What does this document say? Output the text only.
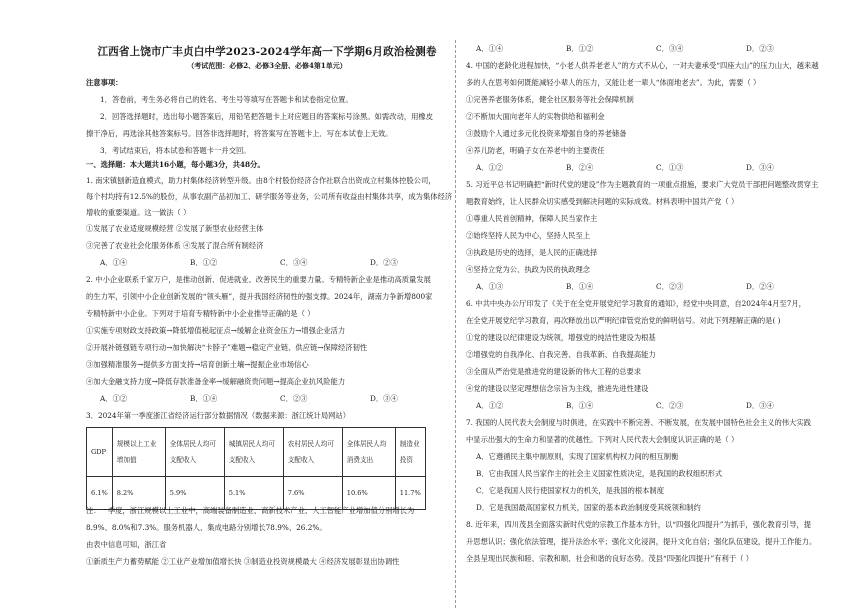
江西省上饶市广丰贞白中学2023-2024学年高一下学期6月政治检测卷
（考试范围：必修2、必修3全册、必修4第1单元）
注意事项：
1．答卷前，考生务必将自己的姓名、考生号等填写在答题卡和试卷指定位置。
2．回答选择题时，选出每小题答案后，用铅笔把答题卡上对应题目的答案标号涂黑。如需改动，用橡皮
擦干净后，再选涂其他答案标号。回答非选择题时，将答案写在答题卡上．写在本试卷上无效。
3．考试结束后，将本试卷和答题卡一并交回。
一、选择题：本大题共16小题，每小题3分，共48分。
1. 南宋镇刨新造血模式，助力村集体经济转型升级。由8个村股份经济合作社联合出资成立村集体控股公司，
每个村均持有12.5%的股份，从事农副产品初加工、研学服务等业务，公司所有收益由村集体共享，成为集体经济
增收的重要渠道。这一做法（ ）
①发展了农业适度规模经营 ②发展了新型农业经营主体
③完善了农业社会化服务体系 ④发展了混合所有制经济
A．①④	B．①②	C．③④	D．②③
2. 中小企业联系千家万户，是推动创新、促进就业、改善民生的重要力量。专精特新企业是推动高质量发展
的生力军，引领中小企业创新发展的“领头雁”，提升我国经济韧性的强支撑。2024年，湖南力争新增800家
专精特新中小企业。下列对于培育专精特新中小企业推导正确的是（ ）
①实施专项财政支持政策→降低增值税起征点→缓解企业资金压力→增强企业活力
②开展补链强链专项行动→加快解决“卡脖子”难题→稳定产业链、供应链→保障经济韧性
③加强精准服务→提供多方面支持→培育创新土壤→提振企业市场信心
④加大金融支持力度→降低存款准备金率→缓解融资贵问题→提高企业抗风险能力
A．①②	B．①④	C．②③	D．③④
3．2024年第一季度浙江省经济运行部分数据情况（数据来源：浙江统计局网站）
GDP	规模以上工业增加值	全体居民人均可支配收入	城镇居民人均可支配收入	农村居民人均可支配收入	全体居民人均消费支出	制造业投资
6.1%	8.2%	5.9%	5.1%	7.6%	10.6%	11.7%
注：一季度，浙江规模以上工业中，高端装备制造业、高新技术产业、人工智能产业增加值分别增长为
8.9%、8.0%和7.3%。服务机器人、集成电路分别增长78.9%、26.2%。
由表中信息可知，浙江省
①新质生产力蓄势赋能 ②工业产业增加值增长快 ③制造业投资规模最大 ④经济发展彰显出协调性
A．①④	B．①②	C．③④	D．②③
4. 中国的老龄化进程加快，“小老人供养老老人”的方式不从心，一对夫妻承受“四座大山”的压力山大，越来越
多的人在思考如何既能减轻小辈人的压力，又能让老一辈人“体面地老去”。为此，需要（ ）
①完善养老服务体系，健全社区服务等社会保障机制
②不断加大面向老年人的实物供给和福利金
③鼓励个人通过多元化投资来增强自身的养老储备
④养儿防老，明确子女在养老中的主要责任
A．①②	B．②④	C．①③	D．③④
5. 习近平总书记明确把“新时代党的建设”作为主题教育的一项重点措施，要求广大党员干部把问题整改贯穿主
题教育始终，让人民群众切实感受到解决问题的实际成效。材料表明中国共产党（ ）
①尊重人民首创精神，保障人民当家作主
②始终坚持人民为中心，坚持人民至上
③执政是历史的选择，是人民的正确选择
④坚持立党为公、执政为民的执政理念
A．①③	B．①④	C．②③	D．②④
6. 中共中央办公厅印发了《关于在全党开展党纪学习教育的通知》，经党中央同意，自2024年4月至7月，
在全党开展党纪学习教育，再次释放出以严明纪律管党治党的鲜明信号。对此下列理解正确的是( )
①党的建设以纪律建设为统领，增强党的纯洁性建设为根基
②增强党的自我净化、自我完善、自我革新、自我提高能力
③全面从严治党是推进党的建设新的伟大工程的总要求
④党的建设以坚定理想信念宗旨为主线，推进先进性建设
A．①②	B．①④	C．②③	D．③④
7. 我国的人民代表大会制度与时俱进，在实践中不断完善、不断发展，在发展中国特色社会主义的伟大实践
中显示出强大的生命力和显著的优越性。下列对人民代表大会制度认识正确的是（ ）
A．它遵循民主集中制原则，实现了国家机构权力间的相互制衡
B．它由我国人民当家作主的社会主义国家性质决定，是我国的政权组织形式
C．它是我国人民行使国家权力的机关，是我国的根本制度
D．它是我国最高国家权力机关，国家的基本政治制度受其统领和制约
8. 近年来，四川茂县全面落实新时代党的宗教工作基本方针，以“四强化四提升”为抓手，强化教育引导，提
升思想认识；强化依法管理，提升法治水平；强化文化浸润，提升文化自信；强化队伍建设，提升工作能力。
全县呈现出民族和睦、宗教和顺、社会和谐的良好态势。茂县“四强化四提升”有利于（ ）
